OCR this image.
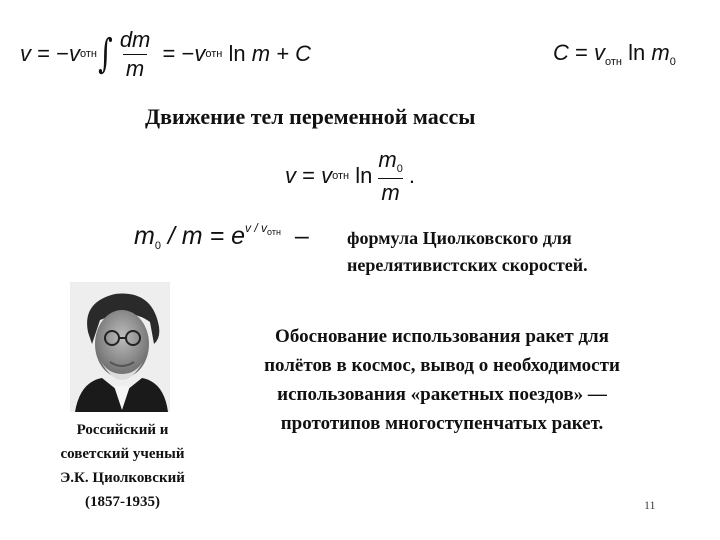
v
=
− v отн ∫ $\frac{dm}{m}$
=
− v отн
ln
m
+ C	$C = v_{отн}$ $\ln m_0$
Движение тел переменной массы
v
=
v отн
$\ln \frac{m_0}{m}$ .
$m_0 / m = e^{v / v_{отн}}$ – формула Циолковского для
нерелятивистских скоростей.
Российский и
советский ученый
Э.К. Циолковский
(1857-1935)
Обоснование использования ракет для
полётов в космос, вывод о необходимости
использования «ракетных поездов» —
прототипов многоступенчатых ракет.
11
